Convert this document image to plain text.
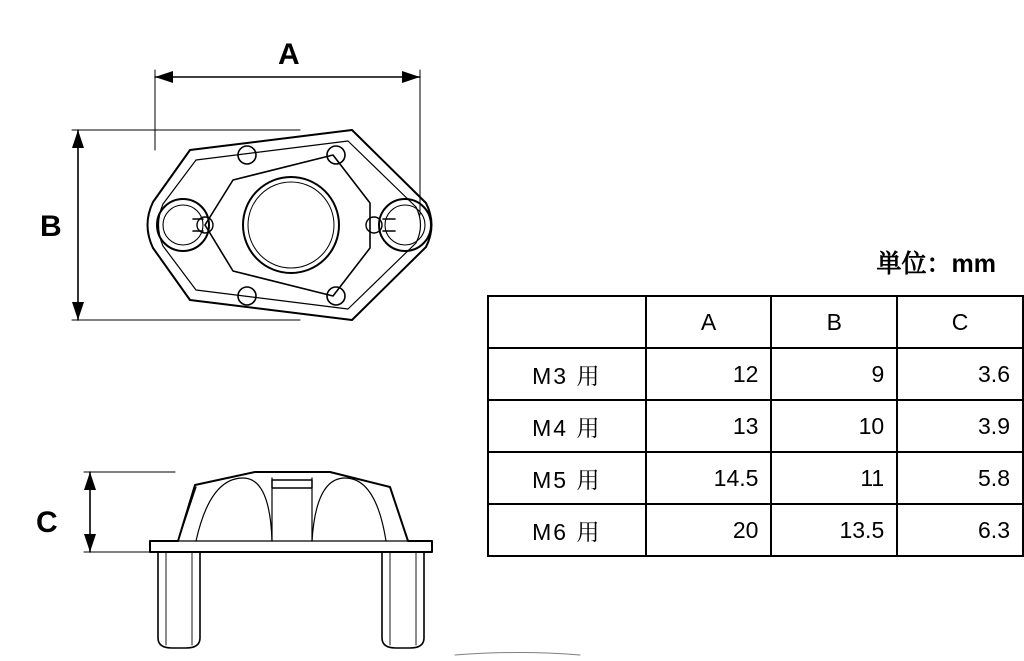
A
B
C
単位：mm
	A	B	C
M3 用	12	9	3.6
M4 用	13	10	3.9
M5 用	14.5	11	5.8
M6 用	20	13.5	6.3
